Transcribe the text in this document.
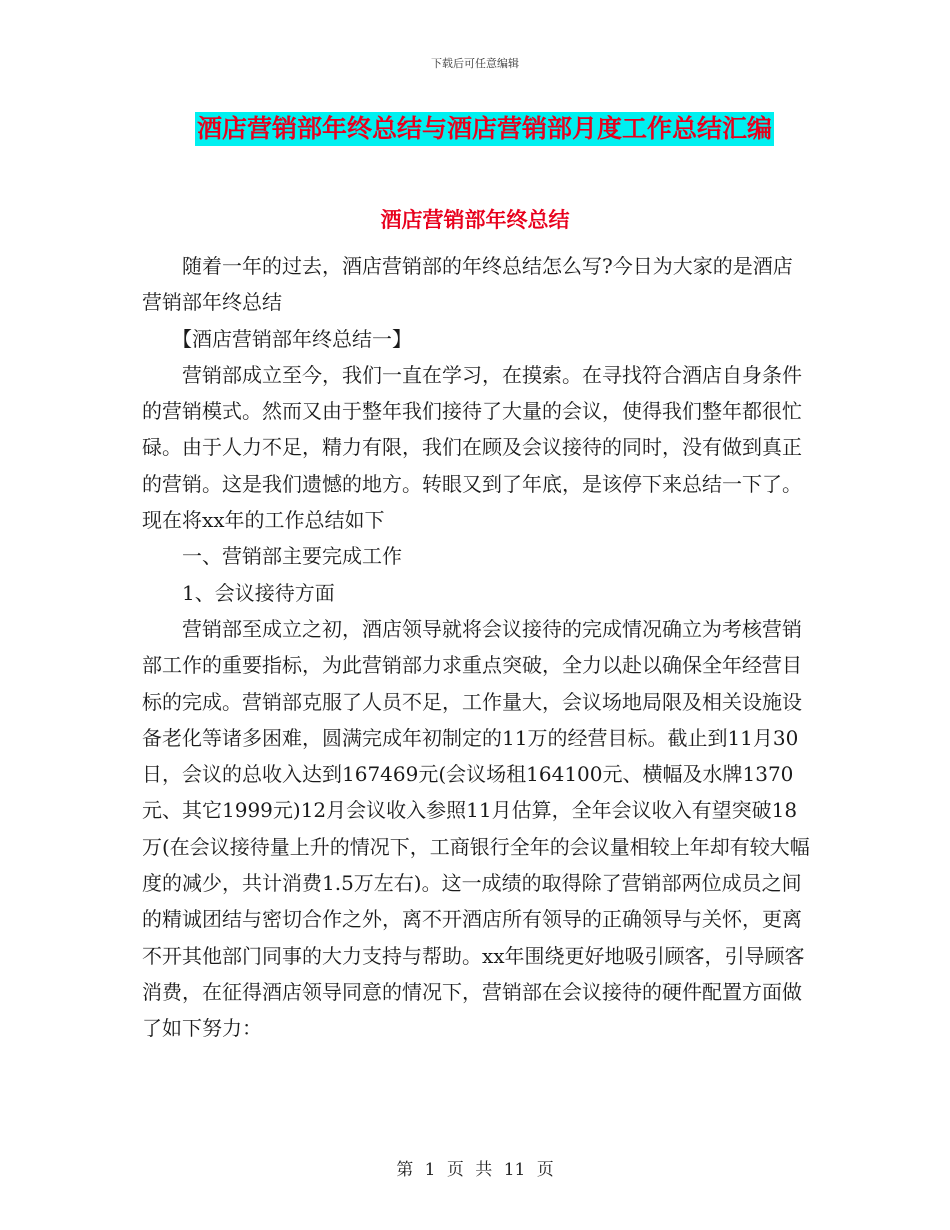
下载后可任意编辑
酒店营销部年终总结与酒店营销部月度工作总结汇编
酒店营销部年终总结

随着一年的过去，酒店营销部的年终总结怎么写?今日为大家的是酒店营销部年终总结

【酒店营销部年终总结一】

营销部成立至今，我们一直在学习，在摸索。在寻找符合酒店自身条件的营销模式。然而又由于整年我们接待了大量的会议，使得我们整年都很忙碌。由于人力不足，精力有限，我们在顾及会议接待的同时，没有做到真正的营销。这是我们遗憾的地方。转眼又到了年底，是该停下来总结一下了。现在将xx年的工作总结如下

一、营销部主要完成工作

1、会议接待方面

营销部至成立之初，酒店领导就将会议接待的完成情况确立为考核营销部工作的重要指标，为此营销部力求重点突破，全力以赴以确保全年经营目标的完成。营销部克服了人员不足，工作量大，会议场地局限及相关设施设备老化等诸多困难，圆满完成年初制定的11万的经营目标。截止到11月30日，会议的总收入达到167469元(会议场租164100元、横幅及水牌1370元、其它1999元)12月会议收入参照11月估算，全年会议收入有望突破18万(在会议接待量上升的情况下，工商银行全年的会议量相较上年却有较大幅度的减少，共计消费1.5万左右)。这一成绩的取得除了营销部两位成员之间的精诚团结与密切合作之外，离不开酒店所有领导的正确领导与关怀，更离不开其他部门同事的大力支持与帮助。xx年围绕更好地吸引顾客，引导顾客消费，在征得酒店领导同意的情况下，营销部在会议接待的硬件配置方面做了如下努力：

第 1 页 共 11 页
